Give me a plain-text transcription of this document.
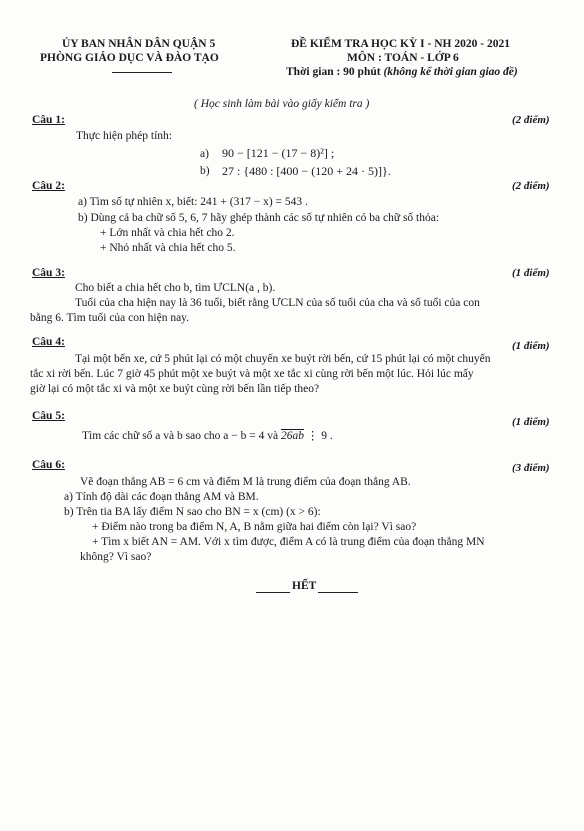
ỦY BAN NHÂN DÂN QUẬN 5
PHÒNG GIÁO DỤC VÀ ĐÀO TẠO
ĐỀ KIỂM TRA HỌC KỲ I - NH 2020 - 2021
MÔN : TOÁN - LỚP 6
Thời gian : 90 phút (không kể thời gian giao đề)
( Học sinh làm bài vào giấy kiểm tra )
Câu 1:	(2 điểm)
Thực hiện phép tính:
a) 90 − [121 − (17 − 8)²] ;
b) 27 : {480 : [400 − (120 + 24 · 5)]}.
Câu 2:	(2 điểm)
a) Tìm số tự nhiên x, biết: 241 + (317 − x) = 543 .
b) Dùng cả ba chữ số 5, 6, 7 hãy ghép thành các số tự nhiên có ba chữ số thỏa:
+ Lớn nhất và chia hết cho 2.
+ Nhỏ nhất và chia hết cho 5.
Câu 3:	(1 điểm)
Cho biết a chia hết cho b, tìm ƯCLN(a , b).
Tuổi của cha hiện nay là 36 tuổi, biết rằng ƯCLN của số tuổi của cha và số tuổi của con
bằng 6. Tìm tuổi của con hiện nay.
Câu 4:	(1 điểm)
Tại một bến xe, cứ 5 phút lại có một chuyến xe buýt rời bến, cứ 15 phút lại có một chuyến
tắc xi rời bến. Lúc 7 giờ 45 phút một xe buýt và một xe tắc xi cùng rời bến một lúc. Hỏi lúc mấy
giờ lại có một tắc xi và một xe buýt cùng rời bến lần tiếp theo?
Câu 5:	(1 điểm)
Tìm các chữ số a và b sao cho a − b = 4 và 26ab ⋮ 9 .
Câu 6:	(3 điểm)
Vẽ đoạn thẳng AB = 6 cm và điểm M là trung điểm của đoạn thẳng AB.
a) Tính độ dài các đoạn thẳng AM và BM.
b) Trên tia BA lấy điểm N sao cho BN = x (cm) (x > 6):
+ Điểm nào trong ba điểm N, A, B nằm giữa hai điểm còn lại? Vì sao?
+ Tìm x biết AN = AM. Với x tìm được, điểm A có là trung điểm của đoạn thẳng MN
không? Vì sao?
HẾT
